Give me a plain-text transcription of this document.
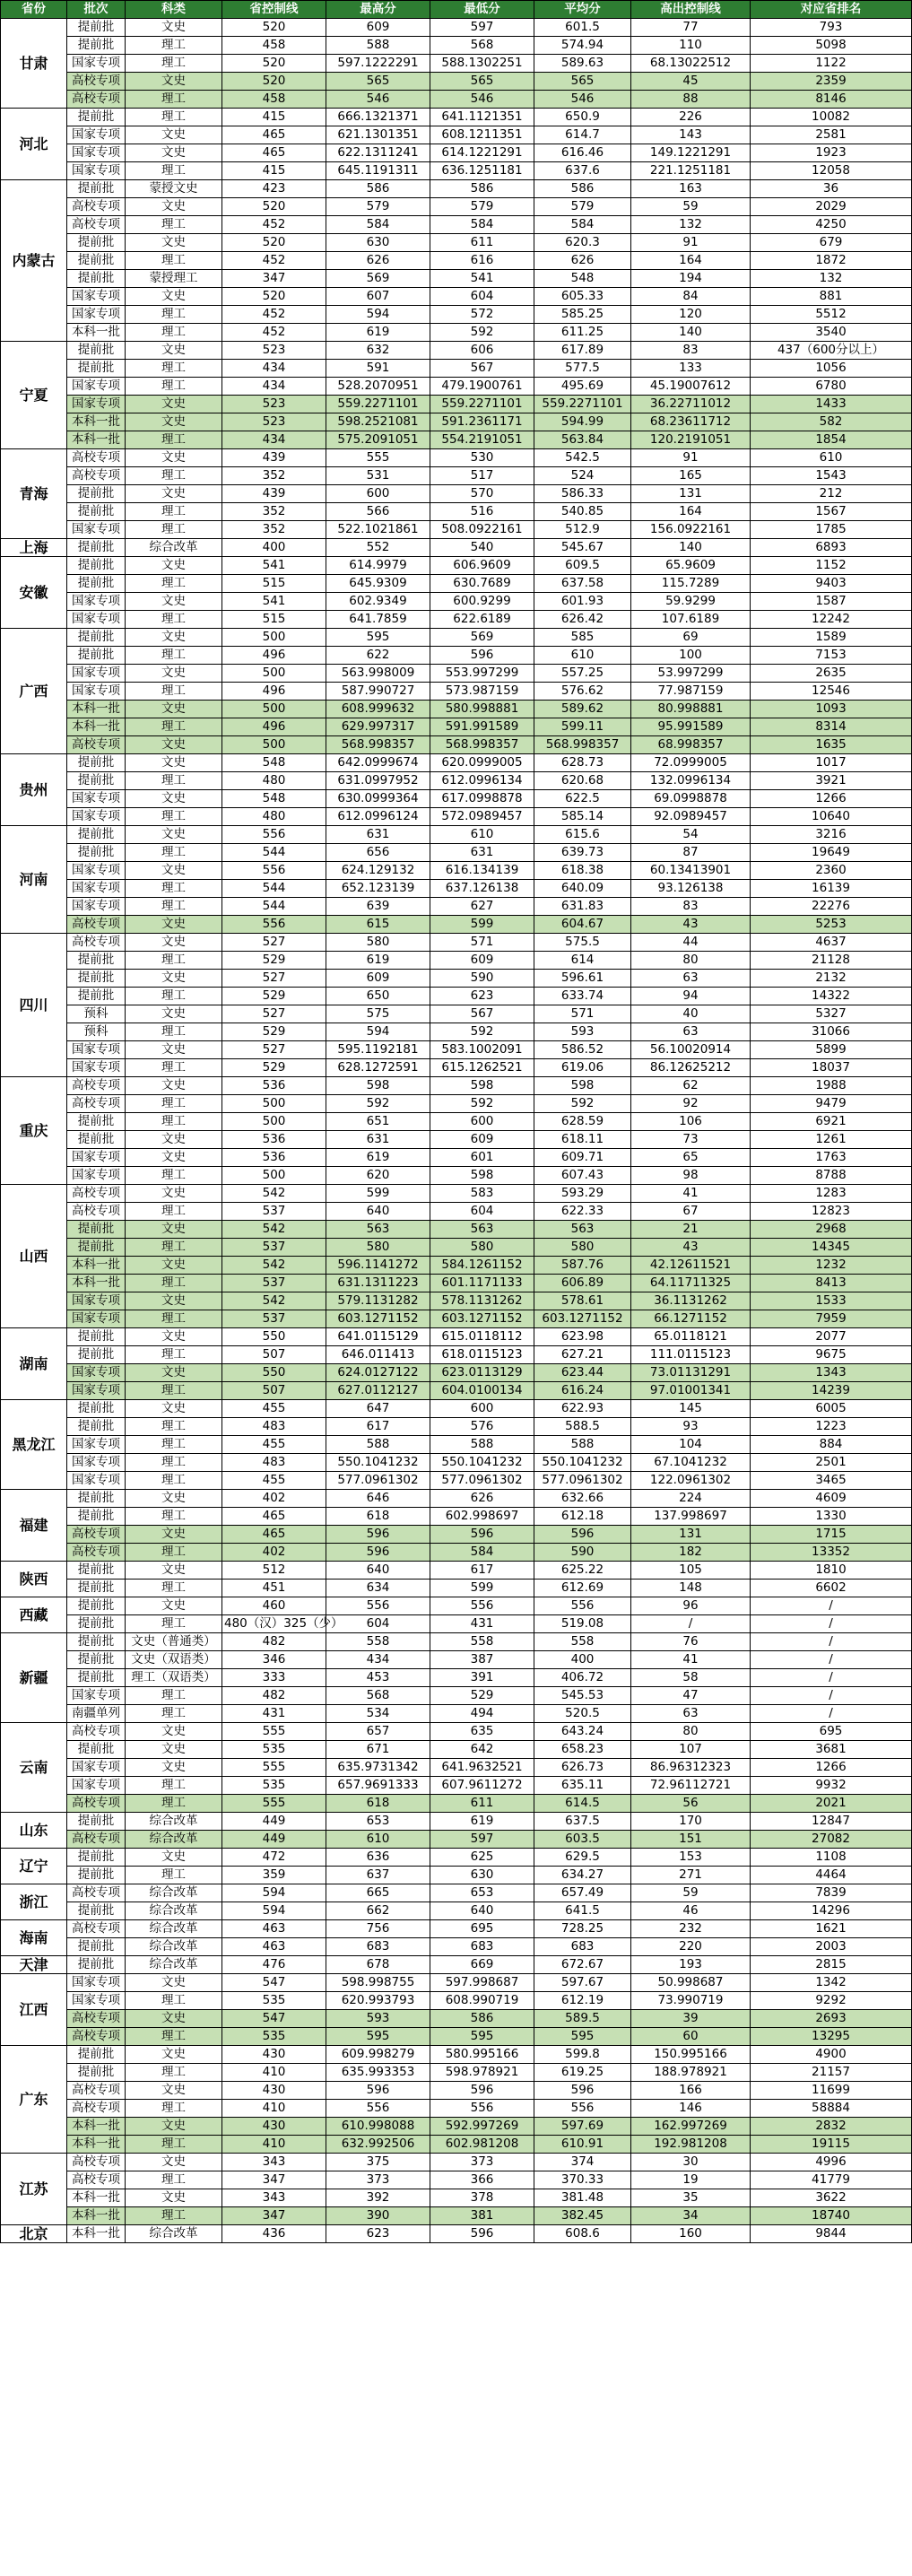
省份	批次	科类	省控制线	最高分	最低分	平均分	高出控制线	对应省排名
甘肃	提前批	文史	520	609	597	601.5	77	793
	提前批	理工	458	588	568	574.94	110	5098
	国家专项	理工	520	597.1222291	588.1302251	589.63	68.13022512	1122
	高校专项	文史	520	565	565	565	45	2359
	高校专项	理工	458	546	546	546	88	8146
河北	提前批	理工	415	666.1321371	641.1121351	650.9	226	10082
	国家专项	文史	465	621.1301351	608.1211351	614.7	143	2581
	国家专项	文史	465	622.1311241	614.1221291	616.46	149.1221291	1923
	国家专项	理工	415	645.1191311	636.1251181	637.6	221.1251181	12058
内蒙古	提前批	蒙授文史	423	586	586	586	163	36
	高校专项	文史	520	579	579	579	59	2029
	高校专项	理工	452	584	584	584	132	4250
	提前批	文史	520	630	611	620.3	91	679
	提前批	理工	452	626	616	626	164	1872
	提前批	蒙授理工	347	569	541	548	194	132
	国家专项	文史	520	607	604	605.33	84	881
	国家专项	理工	452	594	572	585.25	120	5512
	本科一批	理工	452	619	592	611.25	140	3540
宁夏	提前批	文史	523	632	606	617.89	83	437（600分以上）
	提前批	理工	434	591	567	577.5	133	1056
	国家专项	理工	434	528.2070951	479.1900761	495.69	45.19007612	6780
	国家专项	文史	523	559.2271101	559.2271101	559.2271101	36.22711012	1433
	本科一批	文史	523	598.2521081	591.2361171	594.99	68.23611712	582
	本科一批	理工	434	575.2091051	554.2191051	563.84	120.2191051	1854
青海	高校专项	文史	439	555	530	542.5	91	610
	高校专项	理工	352	531	517	524	165	1543
	提前批	文史	439	600	570	586.33	131	212
	提前批	理工	352	566	516	540.85	164	1567
	国家专项	理工	352	522.1021861	508.0922161	512.9	156.0922161	1785
上海	提前批	综合改革	400	552	540	545.67	140	6893
安徽	提前批	文史	541	614.9979	606.9609	609.5	65.9609	1152
	提前批	理工	515	645.9309	630.7689	637.58	115.7289	9403
	国家专项	文史	541	602.9349	600.9299	601.93	59.9299	1587
	国家专项	理工	515	641.7859	622.6189	626.42	107.6189	12242
广西	提前批	文史	500	595	569	585	69	1589
	提前批	理工	496	622	596	610	100	7153
	国家专项	文史	500	563.998009	553.997299	557.25	53.997299	2635
	国家专项	理工	496	587.990727	573.987159	576.62	77.987159	12546
	本科一批	文史	500	608.999632	580.998881	589.62	80.998881	1093
	本科一批	理工	496	629.997317	591.991589	599.11	95.991589	8314
	高校专项	文史	500	568.998357	568.998357	568.998357	68.998357	1635
贵州	提前批	文史	548	642.0999674	620.0999005	628.73	72.0999005	1017
	提前批	理工	480	631.0997952	612.0996134	620.68	132.0996134	3921
	国家专项	文史	548	630.0999364	617.0998878	622.5	69.0998878	1266
	国家专项	理工	480	612.0996124	572.0989457	585.14	92.0989457	10640
河南	提前批	文史	556	631	610	615.6	54	3216
	提前批	理工	544	656	631	639.73	87	19649
	国家专项	文史	556	624.129132	616.134139	618.38	60.13413901	2360
	国家专项	理工	544	652.123139	637.126138	640.09	93.126138	16139
	国家专项	理工	544	639	627	631.83	83	22276
	高校专项	文史	556	615	599	604.67	43	5253
四川	高校专项	文史	527	580	571	575.5	44	4637
	提前批	理工	529	619	609	614	80	21128
	提前批	文史	527	609	590	596.61	63	2132
	提前批	理工	529	650	623	633.74	94	14322
	预科	文史	527	575	567	571	40	5327
	预科	理工	529	594	592	593	63	31066
	国家专项	文史	527	595.1192181	583.1002091	586.52	56.10020914	5899
	国家专项	理工	529	628.1272591	615.1262521	619.06	86.12625212	18037
重庆	高校专项	文史	536	598	598	598	62	1988
	高校专项	理工	500	592	592	592	92	9479
	提前批	理工	500	651	600	628.59	106	6921
	提前批	文史	536	631	609	618.11	73	1261
	国家专项	文史	536	619	601	609.71	65	1763
	国家专项	理工	500	620	598	607.43	98	8788
山西	高校专项	文史	542	599	583	593.29	41	1283
	高校专项	理工	537	640	604	622.33	67	12823
	提前批	文史	542	563	563	563	21	2968
	提前批	理工	537	580	580	580	43	14345
	本科一批	文史	542	596.1141272	584.1261152	587.76	42.12611521	1232
	本科一批	理工	537	631.1311223	601.1171133	606.89	64.11711325	8413
	国家专项	文史	542	579.1131282	578.1131262	578.61	36.1131262	1533
	国家专项	理工	537	603.1271152	603.1271152	603.1271152	66.1271152	7959
湖南	提前批	文史	550	641.0115129	615.0118112	623.98	65.0118121	2077
	提前批	理工	507	646.011413	618.0115123	627.21	111.0115123	9675
	国家专项	文史	550	624.0127122	623.0113129	623.44	73.01131291	1343
	国家专项	理工	507	627.0112127	604.0100134	616.24	97.01001341	14239
黑龙江	提前批	文史	455	647	600	622.93	145	6005
	提前批	理工	483	617	576	588.5	93	1223
	国家专项	理工	455	588	588	588	104	884
	国家专项	理工	483	550.1041232	550.1041232	550.1041232	67.1041232	2501
	国家专项	理工	455	577.0961302	577.0961302	577.0961302	122.0961302	3465
福建	提前批	文史	402	646	626	632.66	224	4609
	提前批	理工	465	618	602.998697	612.18	137.998697	1330
	高校专项	文史	465	596	596	596	131	1715
	高校专项	理工	402	596	584	590	182	13352
陕西	提前批	文史	512	640	617	625.22	105	1810
	提前批	理工	451	634	599	612.69	148	6602
西藏	提前批	文史	460	556	556	556	96	/
	提前批	理工	480（汉）325（少）	604	431	519.08	/	/
新疆	提前批	文史（普通类）	482	558	558	558	76	/
	提前批	文史（双语类）	346	434	387	400	41	/
	提前批	理工（双语类）	333	453	391	406.72	58	/
	国家专项	理工	482	568	529	545.53	47	/
	南疆单列	理工	431	534	494	520.5	63	/
云南	高校专项	文史	555	657	635	643.24	80	695
	提前批	文史	535	671	642	658.23	107	3681
	国家专项	文史	555	635.9731342	641.9632521	626.73	86.96312323	1266
	国家专项	理工	535	657.9691333	607.9611272	635.11	72.96112721	9932
	高校专项	理工	555	618	611	614.5	56	2021
山东	提前批	综合改革	449	653	619	637.5	170	12847
	高校专项	综合改革	449	610	597	603.5	151	27082
辽宁	提前批	文史	472	636	625	629.5	153	1108
	提前批	理工	359	637	630	634.27	271	4464
浙江	高校专项	综合改革	594	665	653	657.49	59	7839
	提前批	综合改革	594	662	640	641.5	46	14296
海南	高校专项	综合改革	463	756	695	728.25	232	1621
	提前批	综合改革	463	683	683	683	220	2003
天津	提前批	综合改革	476	678	669	672.67	193	2815
江西	国家专项	文史	547	598.998755	597.998687	597.67	50.998687	1342
	国家专项	理工	535	620.993793	608.990719	612.19	73.990719	9292
	高校专项	文史	547	593	586	589.5	39	2693
	高校专项	理工	535	595	595	595	60	13295
广东	提前批	文史	430	609.998279	580.995166	599.8	150.995166	4900
	提前批	理工	410	635.993353	598.978921	619.25	188.978921	21157
	高校专项	文史	430	596	596	596	166	11699
	高校专项	理工	410	556	556	556	146	58884
	本科一批	文史	430	610.998088	592.997269	597.69	162.997269	2832
	本科一批	理工	410	632.992506	602.981208	610.91	192.981208	19115
江苏	高校专项	文史	343	375	373	374	30	4996
	高校专项	理工	347	373	366	370.33	19	41779
	本科一批	文史	343	392	378	381.48	35	3622
	本科一批	理工	347	390	381	382.45	34	18740
北京	本科一批	综合改革	436	623	596	608.6	160	9844
